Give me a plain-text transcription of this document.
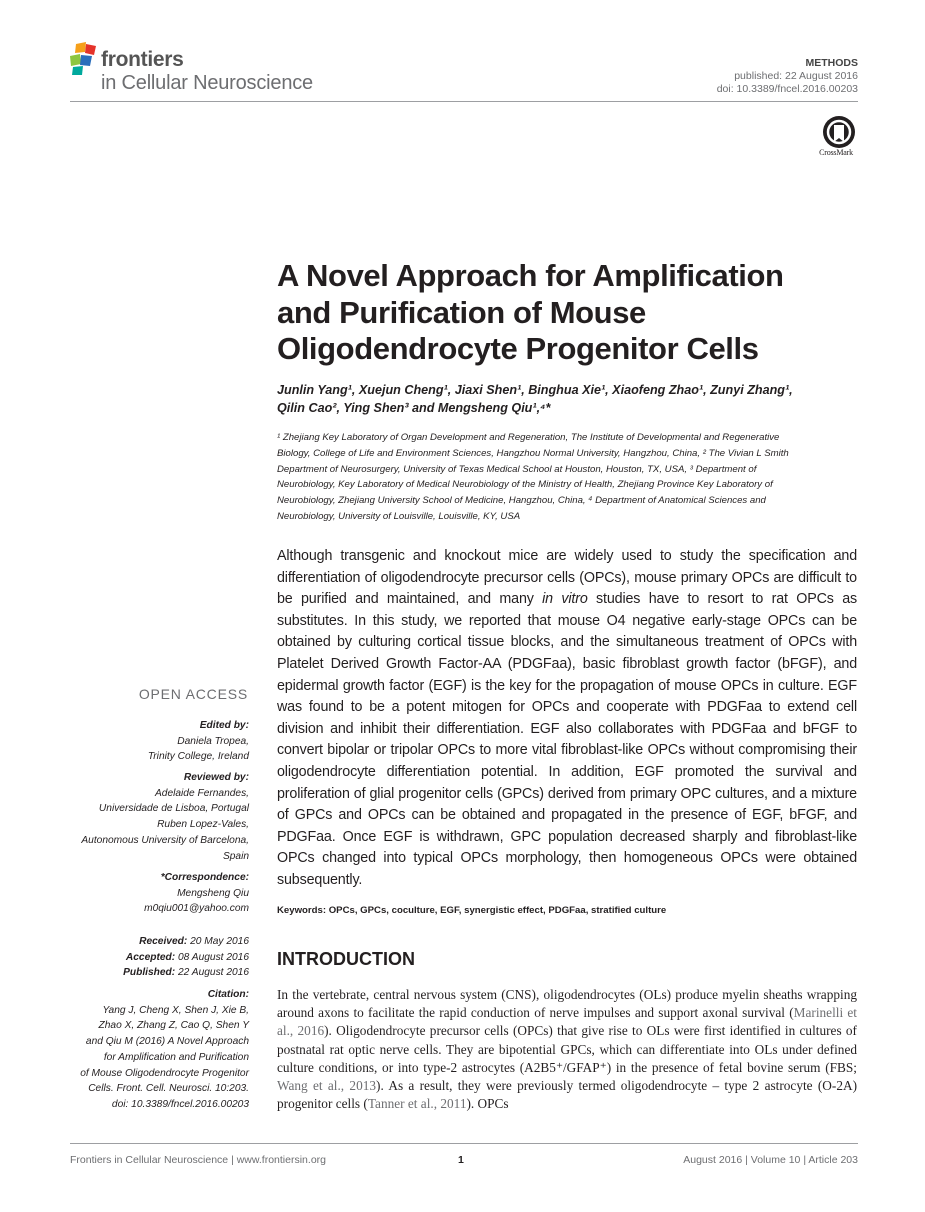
frontiers
in Cellular Neuroscience
METHODS
published: 22 August 2016
doi: 10.3389/fncel.2016.00203
CrossMark
A Novel Approach for Amplification
and Purification of Mouse
Oligodendrocyte Progenitor Cells
Junlin Yang¹, Xuejun Cheng¹, Jiaxi Shen¹, Binghua Xie¹, Xiaofeng Zhao¹, Zunyi Zhang¹,
Qilin Cao², Ying Shen³ and Mengsheng Qiu¹,⁴*
¹ Zhejiang Key Laboratory of Organ Development and Regeneration, The Institute of Developmental and Regenerative
Biology, College of Life and Environment Sciences, Hangzhou Normal University, Hangzhou, China, ² The Vivian L Smith
Department of Neurosurgery, University of Texas Medical School at Houston, Houston, TX, USA, ³ Department of
Neurobiology, Key Laboratory of Medical Neurobiology of the Ministry of Health, Zhejiang Province Key Laboratory of
Neurobiology, Zhejiang University School of Medicine, Hangzhou, China, ⁴ Department of Anatomical Sciences and
Neurobiology, University of Louisville, Louisville, KY, USA
Although transgenic and knockout mice are widely used to study the specification and differentiation of oligodendrocyte precursor cells (OPCs), mouse primary OPCs are difficult to be purified and maintained, and many in vitro studies have to resort to rat OPCs as substitutes. In this study, we reported that mouse O4 negative early-stage OPCs can be obtained by culturing cortical tissue blocks, and the simultaneous treatment of OPCs with Platelet Derived Growth Factor-AA (PDGFaa), basic fibroblast growth factor (bFGF), and epidermal growth factor (EGF) is the key for the propagation of mouse OPCs in culture. EGF was found to be a potent mitogen for OPCs and cooperate with PDGFaa to extend cell division and inhibit their differentiation. EGF also collaborates with PDGFaa and bFGF to convert bipolar or tripolar OPCs to more vital fibroblast-like OPCs without compromising their oligodendrocyte differentiation potential. In addition, EGF promoted the survival and proliferation of glial progenitor cells (GPCs) derived from primary OPC cultures, and a mixture of GPCs and OPCs can be obtained and propagated in the presence of EGF, bFGF, and PDGFaa. Once EGF is withdrawn, GPC population decreased sharply and fibroblast-like OPCs changed into typical OPCs morphology, then homogeneous OPCs were obtained subsequently.
Keywords: OPCs, GPCs, coculture, EGF, synergistic effect, PDGFaa, stratified culture
INTRODUCTION
In the vertebrate, central nervous system (CNS), oligodendrocytes (OLs) produce myelin sheaths wrapping around axons to facilitate the rapid conduction of nerve impulses and support axonal survival (Marinelli et al., 2016). Oligodendrocyte precursor cells (OPCs) that give rise to OLs were first identified in cultures of postnatal rat optic nerve cells. They are bipotential GPCs, which can differentiate into OLs under defined culture conditions, or into type-2 astrocytes (A2B5⁺/GFAP⁺) in the presence of fetal bovine serum (FBS; Wang et al., 2013). As a result, they were previously termed oligodendrocyte – type 2 astrocyte (O-2A) progenitor cells (Tanner et al., 2011). OPCs
OPEN ACCESS
Edited by:
Daniela Tropea,
Trinity College, Ireland
Reviewed by:
Adelaide Fernandes,
Universidade de Lisboa, Portugal
Ruben Lopez-Vales,
Autonomous University of Barcelona,
Spain
*Correspondence:
Mengsheng Qiu
m0qiu001@yahoo.com
Received: 20 May 2016
Accepted: 08 August 2016
Published: 22 August 2016
Citation:
Yang J, Cheng X, Shen J, Xie B,
Zhao X, Zhang Z, Cao Q, Shen Y
and Qiu M (2016) A Novel Approach
for Amplification and Purification
of Mouse Oligodendrocyte Progenitor
Cells. Front. Cell. Neurosci. 10:203.
doi: 10.3389/fncel.2016.00203
Frontiers in Cellular Neuroscience | www.frontiersin.org	1	August 2016 | Volume 10 | Article 203
